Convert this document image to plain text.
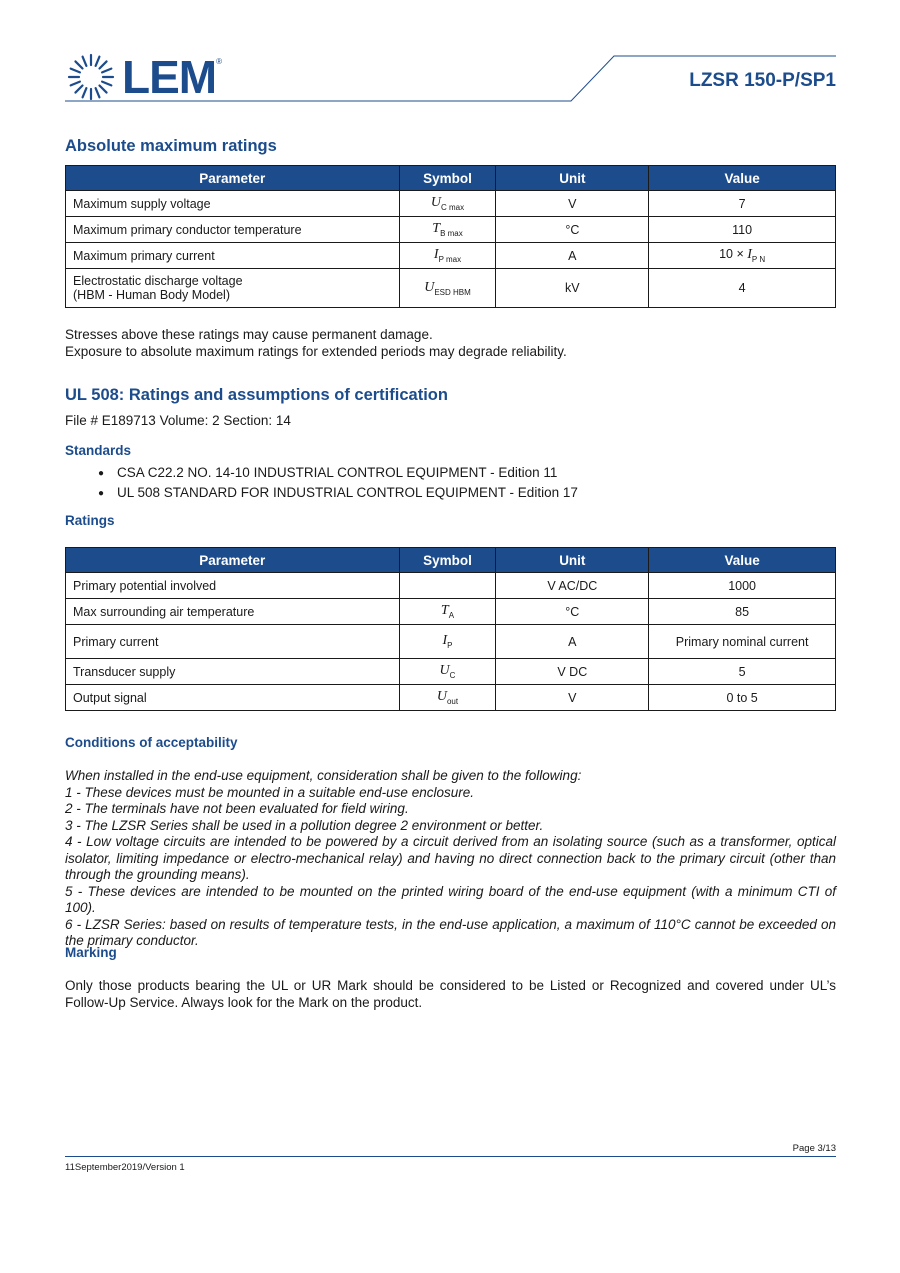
LEM ®
LZSR 150-P/SP1
Absolute maximum ratings
Parameter	Symbol	Unit	Value
Maximum supply voltage	$U_{C max}$	V	7
Maximum primary conductor temperature	$T_{B max}$	°C	110
Maximum primary current	$I_{P max}$	A	$10 \times I_{P N}$

Electrostatic discharge voltage
(HBM - Human Body Model)	$U_{ESD HBM}$	kV	4
Stresses above these ratings may cause permanent damage.
Exposure to absolute maximum ratings for extended periods may degrade reliability.
UL 508: Ratings and assumptions of certification
File # E189713 Volume: 2 Section: 14
Standards
● CSA C22.2 NO. 14-10 INDUSTRIAL CONTROL EQUIPMENT - Edition 11
● UL 508 STANDARD FOR INDUSTRIAL CONTROL EQUIPMENT - Edition 17
Ratings
Parameter	Symbol	Unit	Value
Primary potential involved		V AC/DC	1000
Max surrounding air temperature	$T_A$	°C	85
Primary current	$I_P$	A	Primary nominal current
Transducer supply	$U_C$	V DC	5
Output signal	$U_{out}$	V	0 to 5
Conditions of acceptability
When installed in the end-use equipment, consideration shall be given to the following:
1 - These devices must be mounted in a suitable end-use enclosure.
2 - The terminals have not been evaluated for field wiring.
3 - The LZSR Series shall be used in a pollution degree 2 environment or better.
4 - Low voltage circuits are intended to be powered by a circuit derived from an isolating source (such as a transformer, optical isolator, limiting impedance or electro-mechanical relay) and having no direct connection back to the primary circuit (other than through the grounding means).
5 - These devices are intended to be mounted on the printed wiring board of the end-use equipment (with a minimum CTI of 100).
6 - LZSR Series: based on results of temperature tests, in the end-use application, a maximum of 110°C cannot be exceeded on the primary conductor.
Marking
Only those products bearing the UL or UR Mark should be considered to be Listed or Recognized and covered under UL’s Follow-Up Service. Always look for the Mark on the product.
Page 3/13
11September2019/Version 1
